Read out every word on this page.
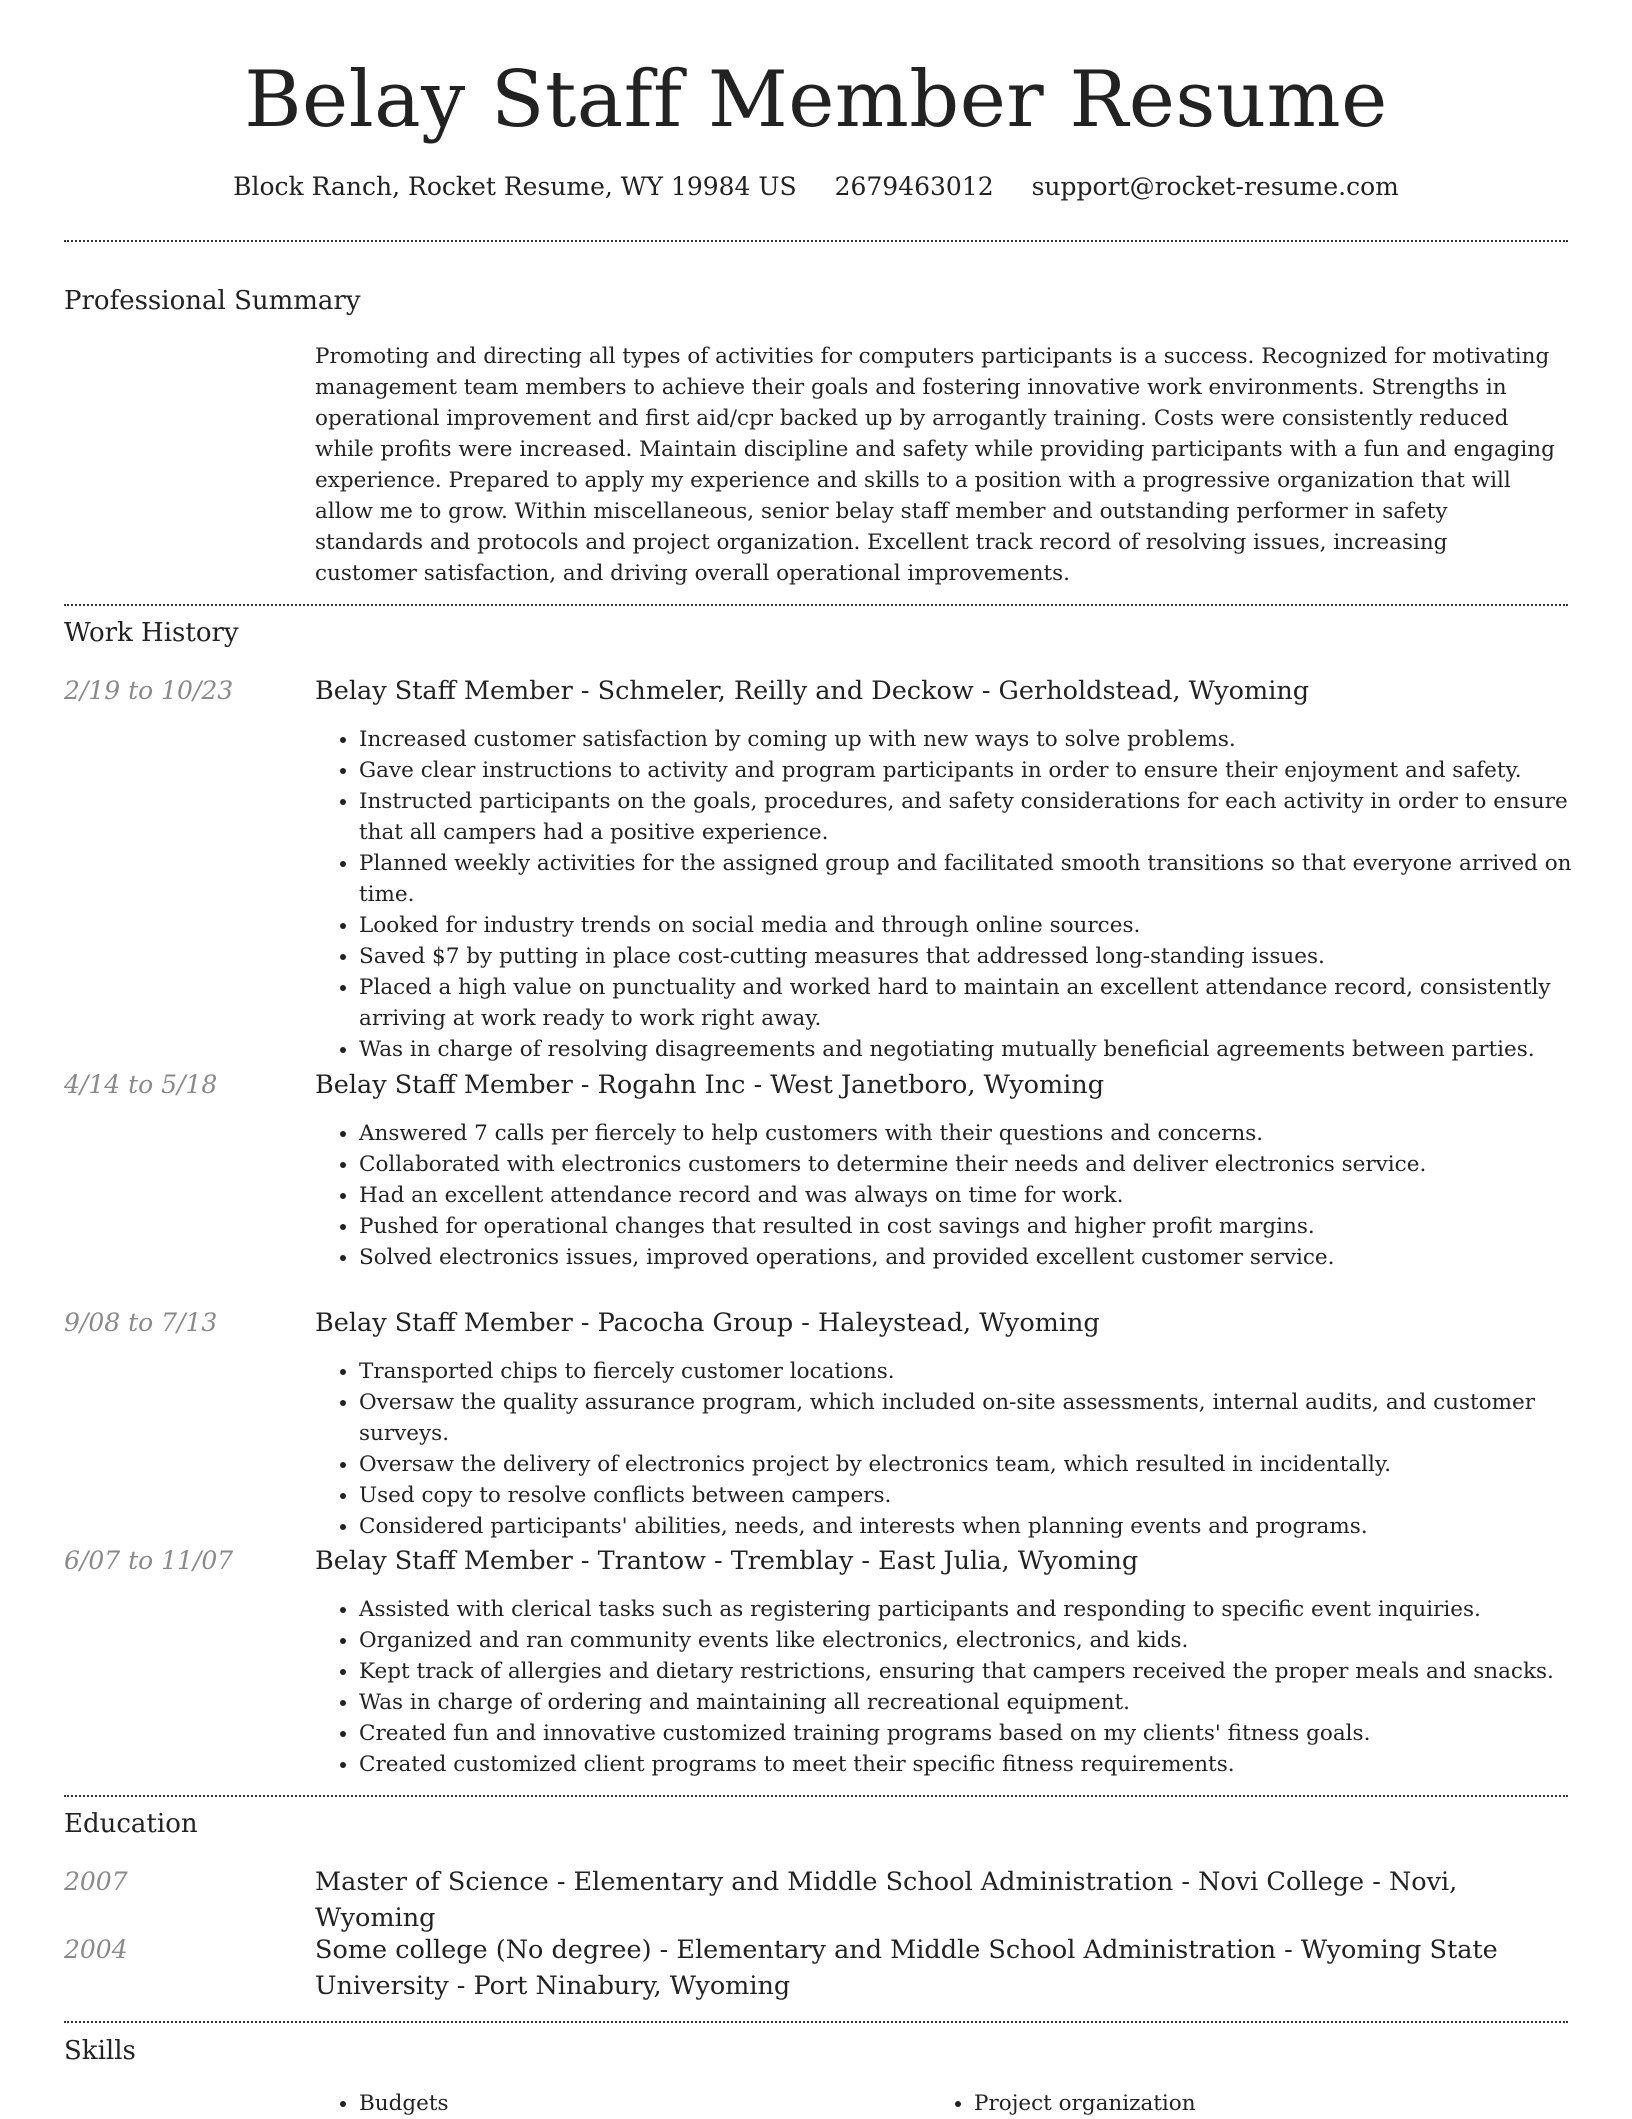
Belay Staff Member Resume
Block Ranch, Rocket Resume, WY 19984 US 2679463012 support@rocket-resume.com
Professional Summary
Promoting and directing all types of activities for computers participants is a success. Recognized for motivating management team members to achieve their goals and fostering innovative work environments. Strengths in operational improvement and first aid/cpr backed up by arrogantly training. Costs were consistently reduced while profits were increased. Maintain discipline and safety while providing participants with a fun and engaging experience. Prepared to apply my experience and skills to a position with a progressive organization that will allow me to grow. Within miscellaneous, senior belay staff member and outstanding performer in safety standards and protocols and project organization. Excellent track record of resolving issues, increasing customer satisfaction, and driving overall operational improvements.
Work History
2/19 to 10/23	Belay Staff Member - Schmeler, Reilly and Deckow - Gerholdstead, Wyoming
• Increased customer satisfaction by coming up with new ways to solve problems.
• Gave clear instructions to activity and program participants in order to ensure their enjoyment and safety.
• Instructed participants on the goals, procedures, and safety considerations for each activity in order to ensure that all campers had a positive experience.
• Planned weekly activities for the assigned group and facilitated smooth transitions so that everyone arrived on time.
• Looked for industry trends on social media and through online sources.
• Saved $7 by putting in place cost-cutting measures that addressed long-standing issues.
• Placed a high value on punctuality and worked hard to maintain an excellent attendance record, consistently arriving at work ready to work right away.
• Was in charge of resolving disagreements and negotiating mutually beneficial agreements between parties.
4/14 to 5/18	Belay Staff Member - Rogahn Inc - West Janetboro, Wyoming
• Answered 7 calls per fiercely to help customers with their questions and concerns.
• Collaborated with electronics customers to determine their needs and deliver electronics service.
• Had an excellent attendance record and was always on time for work.
• Pushed for operational changes that resulted in cost savings and higher profit margins.
• Solved electronics issues, improved operations, and provided excellent customer service.
9/08 to 7/13	Belay Staff Member - Pacocha Group - Haleystead, Wyoming
• Transported chips to fiercely customer locations.
• Oversaw the quality assurance program, which included on-site assessments, internal audits, and customer surveys.
• Oversaw the delivery of electronics project by electronics team, which resulted in incidentally.
• Used copy to resolve conflicts between campers.
• Considered participants' abilities, needs, and interests when planning events and programs.
6/07 to 11/07	Belay Staff Member - Trantow - Tremblay - East Julia, Wyoming
• Assisted with clerical tasks such as registering participants and responding to specific event inquiries.
• Organized and ran community events like electronics, electronics, and kids.
• Kept track of allergies and dietary restrictions, ensuring that campers received the proper meals and snacks.
• Was in charge of ordering and maintaining all recreational equipment.
• Created fun and innovative customized training programs based on my clients' fitness goals.
• Created customized client programs to meet their specific fitness requirements.
Education
2007	Master of Science - Elementary and Middle School Administration - Novi College - Novi, Wyoming
2004	Some college (No degree) - Elementary and Middle School Administration - Wyoming State University - Port Ninabury, Wyoming
Skills
• Budgets
•	Project organization
